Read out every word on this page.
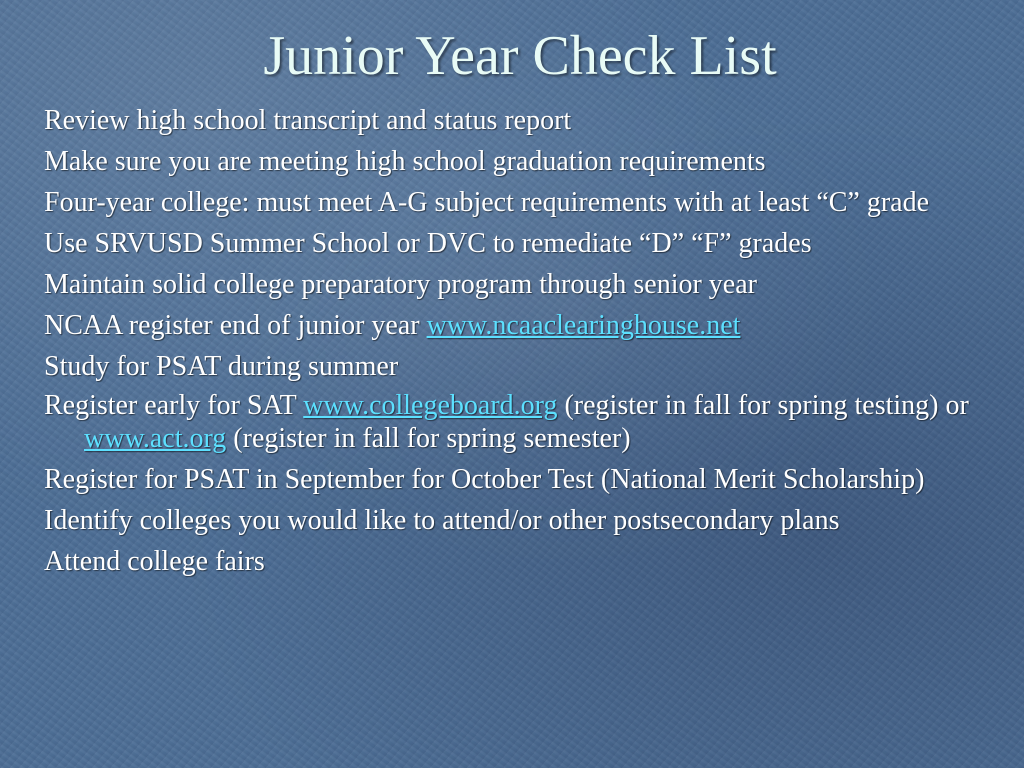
Junior Year Check List
Review high school transcript and status report
Make sure you are meeting high school graduation requirements
Four-year college: must meet A-G subject requirements with at least “C” grade
Use SRVUSD Summer School or DVC to remediate “D” “F” grades
Maintain solid college preparatory program through senior year
NCAA register end of junior year www.ncaaclearinghouse.net
Study for PSAT during summer
Register early for SAT www.collegeboard.org (register in fall for spring testing) or www.act.org (register in fall for spring semester)
Register for PSAT in September for October Test (National Merit Scholarship)
Identify colleges you would like to attend/or other postsecondary plans
Attend college fairs
